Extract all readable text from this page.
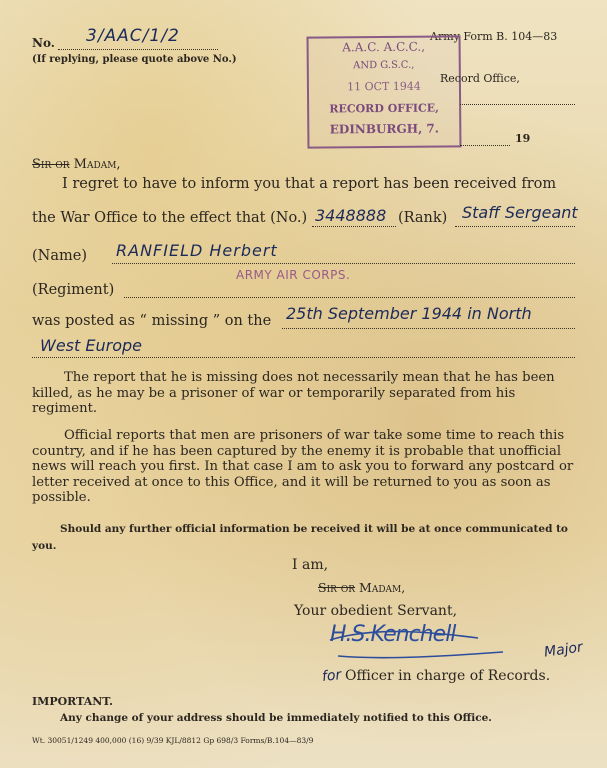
No. 3/AAC/1/2
(If replying, please quote above No.)
Army Form B. 104—83
A.A.C. A.C.C.,
AND G.S.C.,
11 OCT 1944
RECORD OFFICE,
EDINBURGH, 7.
Record Office,
19
Sir or Madam,
I regret to have to inform you that a report has been received from
the War Office to the effect that (No.) 3448888 (Rank) Staff Sergeant
(Name) RANFIELD Herbert
ARMY AIR CORPS.
(Regiment)
was posted as “ missing ” on the 25th September 1944 in North
West Europe
The report that he is missing does not necessarily mean that he has been killed, as he may be a prisoner of war or temporarily separated from his regiment.
Official reports that men are prisoners of war take some time to reach this country, and if he has been captured by the enemy it is probable that unofficial news will reach you first. In that case I am to ask you to forward any postcard or letter received at once to this Office, and it will be returned to you as soon as possible.
Should any further official information be received it will be at once communicated to you.
I am,
Sir or Madam,
Your obedient Servant,
H.S.Kenchell
Major
for Officer in charge of Records.
IMPORTANT.
Any change of your address should be immediately notified to this Office.
Wt. 30051/1249 400,000 (16) 9/39 KJL/8812 Gp 698/3 Forms/B.104—83/9
